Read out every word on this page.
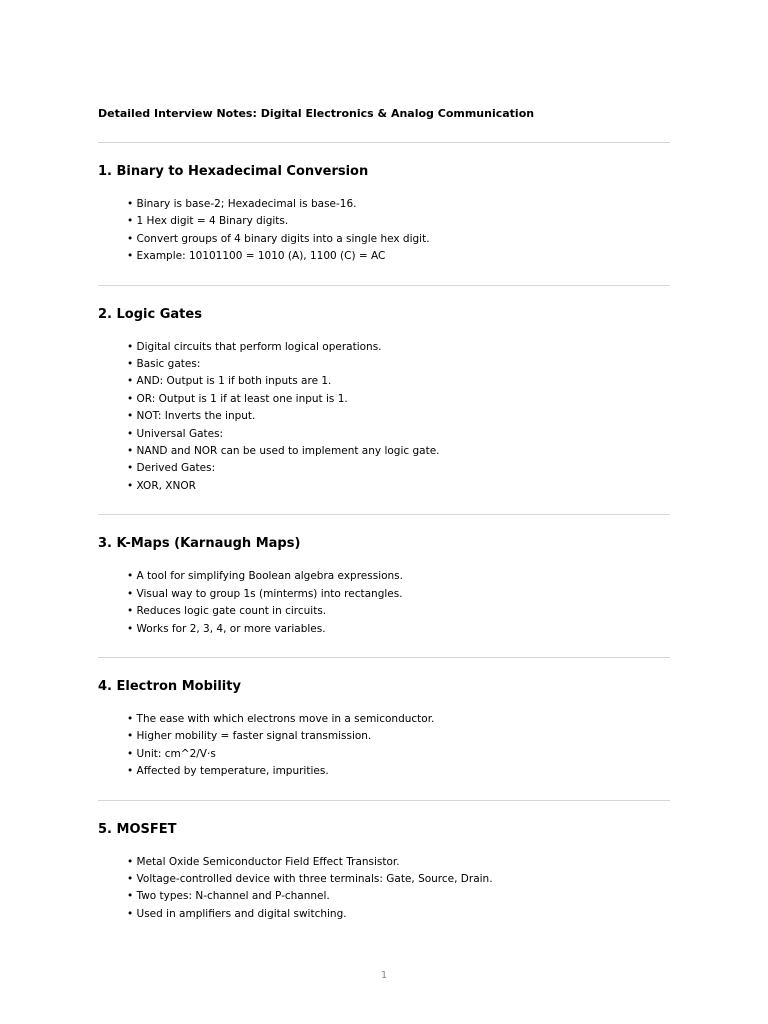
Detailed Interview Notes: Digital Electronics & Analog Communication
1. Binary to Hexadecimal Conversion
• Binary is base-2; Hexadecimal is base-16.
• 1 Hex digit = 4 Binary digits.
• Convert groups of 4 binary digits into a single hex digit.
• Example: 10101100 = 1010 (A), 1100 (C) = AC
2. Logic Gates
• Digital circuits that perform logical operations.
• Basic gates:
• AND: Output is 1 if both inputs are 1.
• OR: Output is 1 if at least one input is 1.
• NOT: Inverts the input.
• Universal Gates:
• NAND and NOR can be used to implement any logic gate.
• Derived Gates:
• XOR, XNOR
3. K-Maps (Karnaugh Maps)
• A tool for simplifying Boolean algebra expressions.
• Visual way to group 1s (minterms) into rectangles.
• Reduces logic gate count in circuits.
• Works for 2, 3, 4, or more variables.
4. Electron Mobility
• The ease with which electrons move in a semiconductor.
• Higher mobility = faster signal transmission.
• Unit: cm^2/V·s
• Affected by temperature, impurities.
5. MOSFET
• Metal Oxide Semiconductor Field Effect Transistor.
• Voltage-controlled device with three terminals: Gate, Source, Drain.
• Two types: N-channel and P-channel.
• Used in amplifiers and digital switching.
1
